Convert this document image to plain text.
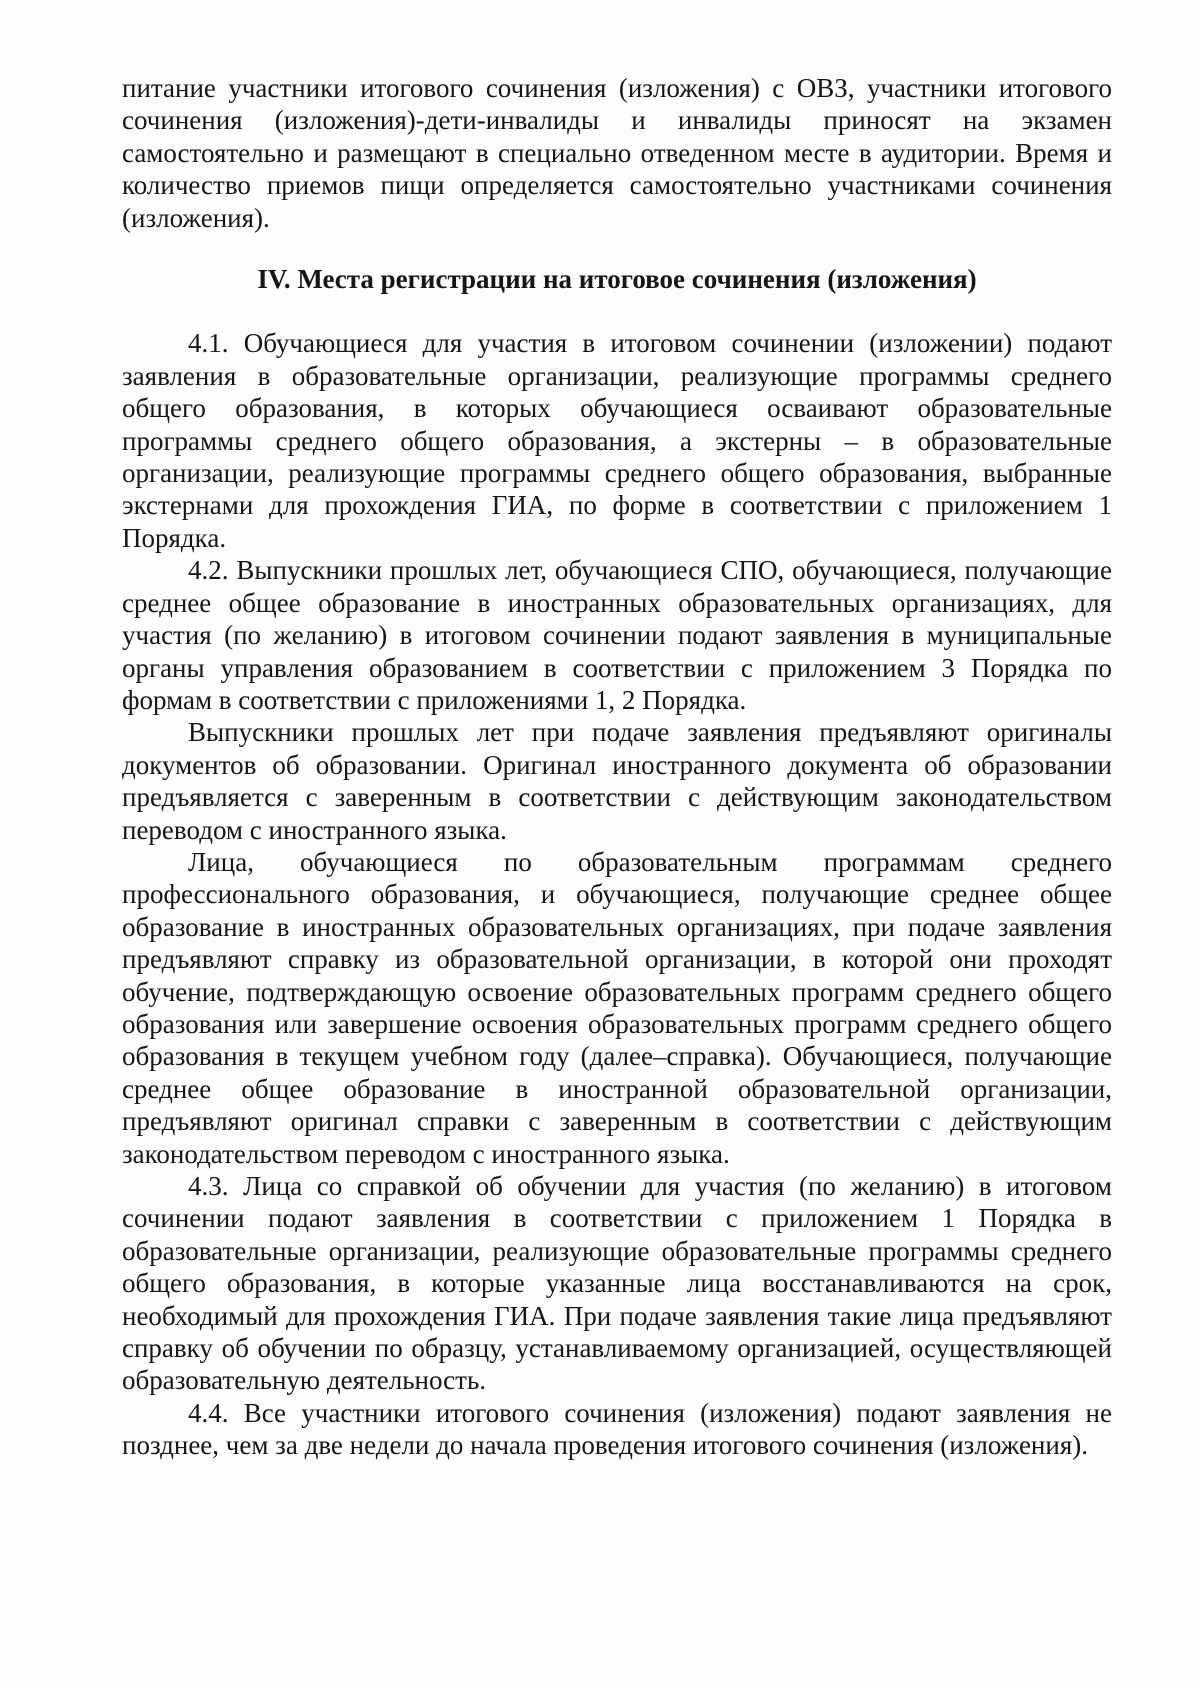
питание участники итогового сочинения (изложения) с ОВЗ, участники итогового сочинения (изложения)-дети-инвалиды и инвалиды приносят на экзамен самостоятельно и размещают в специально отведенном месте в аудитории. Время и количество приемов пищи определяется самостоятельно участниками сочинения (изложения).

IV. Места регистрации на итоговое сочинения (изложения)

4.1. Обучающиеся для участия в итоговом сочинении (изложении) подают заявления в образовательные организации, реализующие программы среднего общего образования, в которых обучающиеся осваивают образовательные программы среднего общего образования, а экстерны – в образовательные организации, реализующие программы среднего общего образования, выбранные экстернами для прохождения ГИА, по форме в соответствии с приложением 1 Порядка.

4.2. Выпускники прошлых лет, обучающиеся СПО, обучающиеся, получающие среднее общее образование в иностранных образовательных организациях, для участия (по желанию) в итоговом сочинении подают заявления в муниципальные органы управления образованием в соответствии с приложением 3 Порядка по формам в соответствии с приложениями 1, 2 Порядка.

Выпускники прошлых лет при подаче заявления предъявляют оригиналы документов об образовании. Оригинал иностранного документа об образовании предъявляется с заверенным в соответствии с действующим законодательством переводом с иностранного языка.

Лица, обучающиеся по образовательным программам среднего профессионального образования, и обучающиеся, получающие среднее общее образование в иностранных образовательных организациях, при подаче заявления предъявляют справку из образовательной организации, в которой они проходят обучение, подтверждающую освоение образовательных программ среднего общего образования или завершение освоения образовательных программ среднего общего образования в текущем учебном году (далее–справка). Обучающиеся, получающие среднее общее образование в иностранной образовательной организации, предъявляют оригинал справки с заверенным в соответствии с действующим законодательством переводом с иностранного языка.

4.3. Лица со справкой об обучении для участия (по желанию) в итоговом сочинении подают заявления в соответствии с приложением 1 Порядка в образовательные организации, реализующие образовательные программы среднего общего образования, в которые указанные лица восстанавливаются на срок, необходимый для прохождения ГИА. При подаче заявления такие лица предъявляют справку об обучении по образцу, устанавливаемому организацией, осуществляющей образовательную деятельность.

4.4. Все участники итогового сочинения (изложения) подают заявления не позднее, чем за две недели до начала проведения итогового сочинения (изложения).
